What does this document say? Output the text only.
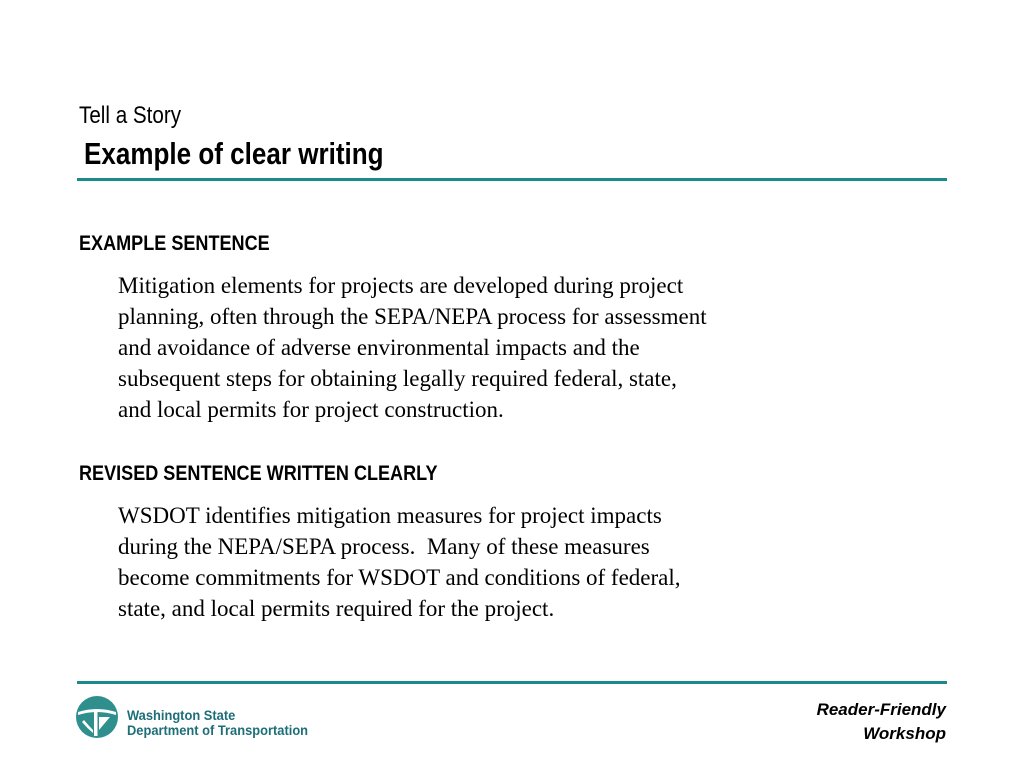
Tell a Story
Example of clear writing
EXAMPLE SENTENCE
Mitigation elements for projects are developed during project
planning, often through the SEPA/NEPA process for assessment
and avoidance of adverse environmental impacts and the
subsequent steps for obtaining legally required federal, state,
and local permits for project construction.
REVISED SENTENCE WRITTEN CLEARLY
WSDOT identifies mitigation measures for project impacts
during the NEPA/SEPA process.  Many of these measures
become commitments for WSDOT and conditions of federal,
state, and local permits required for the project.
Washington State
Department of Transportation
Reader-Friendly
Workshop
